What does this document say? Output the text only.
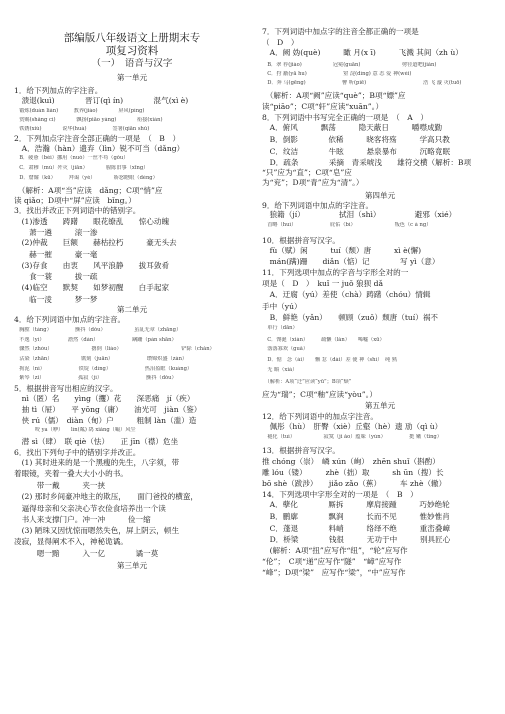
部编版八年级语文上册期末专
项复习资料
（一）　语音与汉字
第一单元
1．给下列加点的字注音。
　溃退(kuì)　　　　晋订(qì ín)　　　　混气(xì è)
　锻炼(duàn liàn)　　　教养(jiào)　　　　屏风(píng)
　赏赐(shǎng cì)　　　　飘扬(piāo yáng)　　　　衔接(xián)
　铁锈(xiù)　　　　说华(huá)　　　　　签署(qiān shǔ)
2．下列加点字注音全部正确的一项是　（　B　）
　A．浩瀚（hàn）遗弃（lìn）锐不可当（dǎng）
　B．疲惫（bèi）挪用（nuó）一丝不苟（gǒu）
　C．肃穆（mù）歼灭（jiān）　　　　腥陈旧事（xīng）
　D．窟窿（kū）　　　拜谒（yè）　　　　娇怒瞪眼（dèng）
　（解析：A项“当”应读　dǎng；C项“悄”应
读 qiǎo；D项中“屏”应读　bǐng。）
3．找出并改正下列词语中的错别字。
　(1)渗透　　踌躇　　眼花缭乱　　惊心动魄
　　萧一遴　　　滚一渗
　(2)仲裁　　巨额　　赫枯拉朽　　　豪无头去
　　赫一摧　　　豪一毫
　(3)存食　　由衷　　风平浪静　　拔耳敛肴
　　食一蓑　　　拔一疏
　(4)临空　　默契　　如梦初醒　　白手起家
　　临一淩　　　梦一梦
第二单元
4．给下列词语中加点的字注音。
　胸膛（táng）　　　　　颤抖（dǒu）　　　　　　虽乱无章（zhāng）
　不逸（yì）　　　　　澹然（dàn）　　　　　　　蹒跚（pán shān）
　骤然（zhòu）　　　　　　　　撂倒（liào）　　　　　　　　　　　　铲除（chǎn）
　沾染（zhān）　　　　　　镌刻（juān）　　　　　　　瓒锦炽盛（zàn）
　拘泥（nì）　　　　　　　铁锭（dìng）　　　　　　　热泪盈眶（kuàng）
　紫琴（zǐ）　　　　　　　孤寂（jì）　　　　　　　　　颤抖（dǒu）
5．根据拼音写出相应的汉字。
　nì（匿）名　　yìng（攫）花　　深恶痛　jí（疾）
　抽 tì（屉）　　平 yōng（庸）　　油光可　jiàn（鉴）
　侠 rú（儒）　diàn（甸）户　　　粗制 làn（滥）造
　　　　咬 ya（咿）　　lín(粼) 鸪 xiǎng（嘬）风尘
　潜 sì（肆）　联 qiè（怯）　　正 jīn（襟）危坐
6．找出下列句子中的错别字并改正。
　(1) 其时进来的是一个黑瘦的先生，八字须，带
着眼镜，夹着一叠大大小小的书。
　　　带一戴　　　夹一挟
　(2) 那时乡间豪冲地主的欺压，　　面门爸投的横蛮，
　逼得母亲和父亲决心节衣俭食培养出一个读
　书人来支撑门户。冲一冲　　　俭一缩
　(3) 陋珠又因忧惊而嗯然失色，屏上阴云，顿生
凌寂，显得阐术不入，神秘诡谲。
　　　嗯一黯　　　入一亿　　　　谲一莫
第三单元
7．下列词语中加点字的注音全都正确的一项是
（　D　）
　A．阙 妫(què)　　　瞰 月(x ī)　　　飞溅 其间（zh ù）
　B．翠 荐(jiào)　　　　　　冠冕(guān)　　　　　　　　剪径道吧(jiǎn)
　C．狩 蔽(yā hu)　　　　　　　窒 淀(dìng) 意 态 爱 神(wéi)
　D．奔 马(gēng)　　　　　　　瞥 听(piē)　　　　　　　　　　　浩 飞 漩 灭(tuō)
　（解析：A项“阙”应读“què”；B项“嫖”应
读“piāo”；C项“轩”应读“xuān”。）
8．下列词语中书写完全正确的一项是　（　A　）
　A．俯风　　　飘荡　　　隐天蔽日　　　嚼噤成勤
　B．倒影　　　　依稀　　　晓客将殇　　　学高只教
　C．纹洁　　　　牛眩　　　悬泉暴布　　　沉略竟眠
　D．疏条　　　　采摘　青采唬浅　　雄符交横（解析：B项
“只”应为“直”；C项“皂”应
为“兖”；D项“青”应为“清”。）
第四单元
9．给下列词语中加点的字注音。
　狼籍（jí）　　　　　拭泪（shì）　　　　　避邪（xié）
　首略（huì）　　　　　　　庇佑（bì）　　　　　　　　叛色（c à ng）
10．根据拼音写汉字。
　fù（赋）闲　　　tuí（颓）唐　　　xì è(懈)
　mán(蹒)跚　　diǎn（惦）记　　　　写 yì（意）
11．下列选项中加点的字音与字形全对的一
项是（　D　）　kuǐ 一 juǒ 狼狈 dǎ
　A．迂腐（yú）差使（chà）踌躇（chóu）情辑
手中（yú）
　B．鲜艳（yǎn）　　顿顾（zuǒ）颓唐（tuí）祸不
　单行（dān）
　C．馋涎（xiàn）　　　疏懒（lǎn）　　唏嘘（xū）
　落落寡欢（guǎ）
　D．惦　念（ài）　　懈 怠（dài）差 使 神（shì）　纯 熟
　无 暇（xiá）
　（解析：A项“迂”应读“yū”；B项“颓”
应为“瑞”；C项“釉”应读“yòu”。）
第五单元
12．给下列词语中的加点字注音。
　佩彤（hù）　肝臀（xiè）丘壑（hè）遗 劢（qì ù）
　褪化（tuì）　　　　　　寂寞（ji ǎo）蕴味（yùn）　　　　　挺 嫩（tǐng）
13．根据拼音写汉字。
推 chóng（崇）　嶙 xún（峋）　zhēn shuǐ（斟酌）
雕 lóu（镂）　　　zhè（拙）取　　　sh ūn（搜）长
bō shè（跋涉）　　jiǎo zǎo（蕉）　　　车 zhè（辙）
14．下列选项中字形全对的一项是　（　B　）
　A．孽化　　　　厮拆　　　摩肩接踵　　　巧妙绝轮
　B．鹏廓　　　　飘涧　　　长而不见　　　惟妙惟肖
　C．蓬退　　　　料峭　　　络绎不绝　　　重峦叠嶂
　D．桥梁　　　　钱很　　　无功于中　　　别具匠心
　(解析：A项“扭”应写作“纽”，“轮”应写作
“伦”；　C项“递”应写作“隧”　“嶂”应写作
“峰”；D项“梁”　应写作“梁”，“中”应写作
